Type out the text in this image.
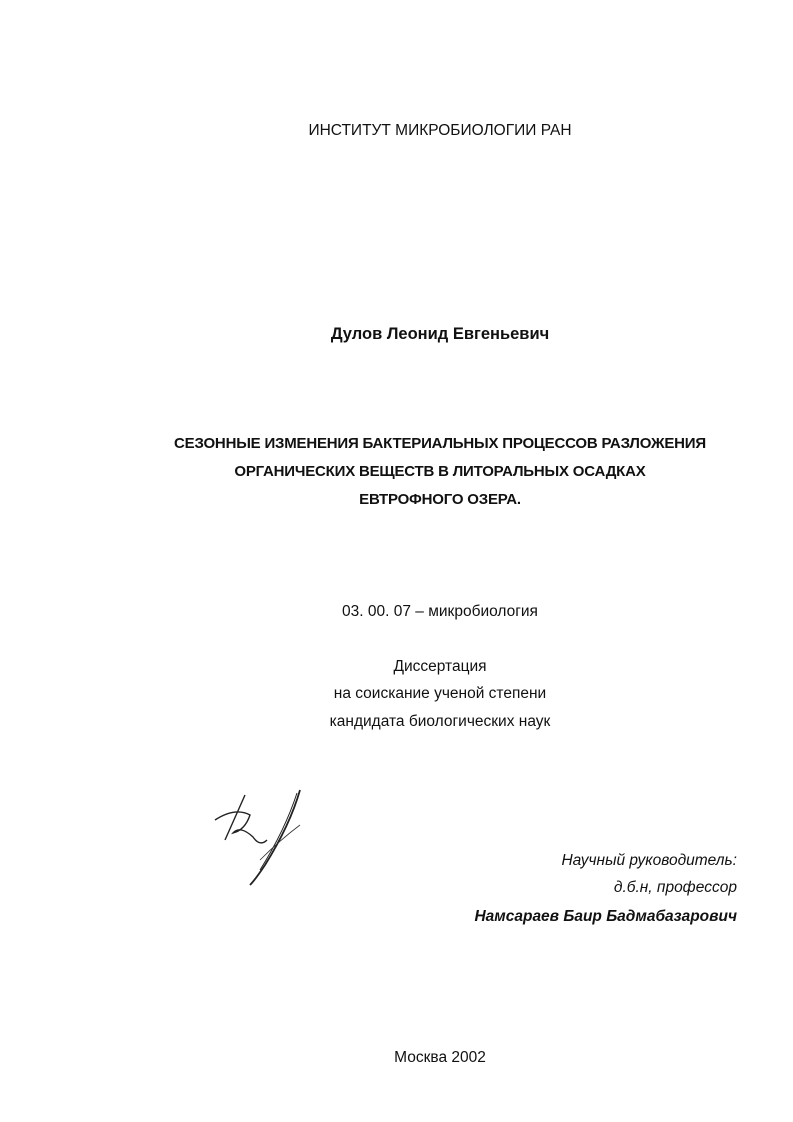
ИНСТИТУТ МИКРОБИОЛОГИИ РАН
Дулов Леонид Евгеньевич
СЕЗОННЫЕ ИЗМЕНЕНИЯ БАКТЕРИАЛЬНЫХ ПРОЦЕССОВ РАЗЛОЖЕНИЯ
ОРГАНИЧЕСКИХ ВЕЩЕСТВ В ЛИТОРАЛЬНЫХ ОСАДКАХ
ЕВТРОФНОГО ОЗЕРА.
03. 00. 07 – микробиология
Диссертация
на соискание ученой степени
кандидата биологических наук
Научный руководитель:
д.б.н, профессор
Намсараев Баир Бадмабазарович
Москва 2002
